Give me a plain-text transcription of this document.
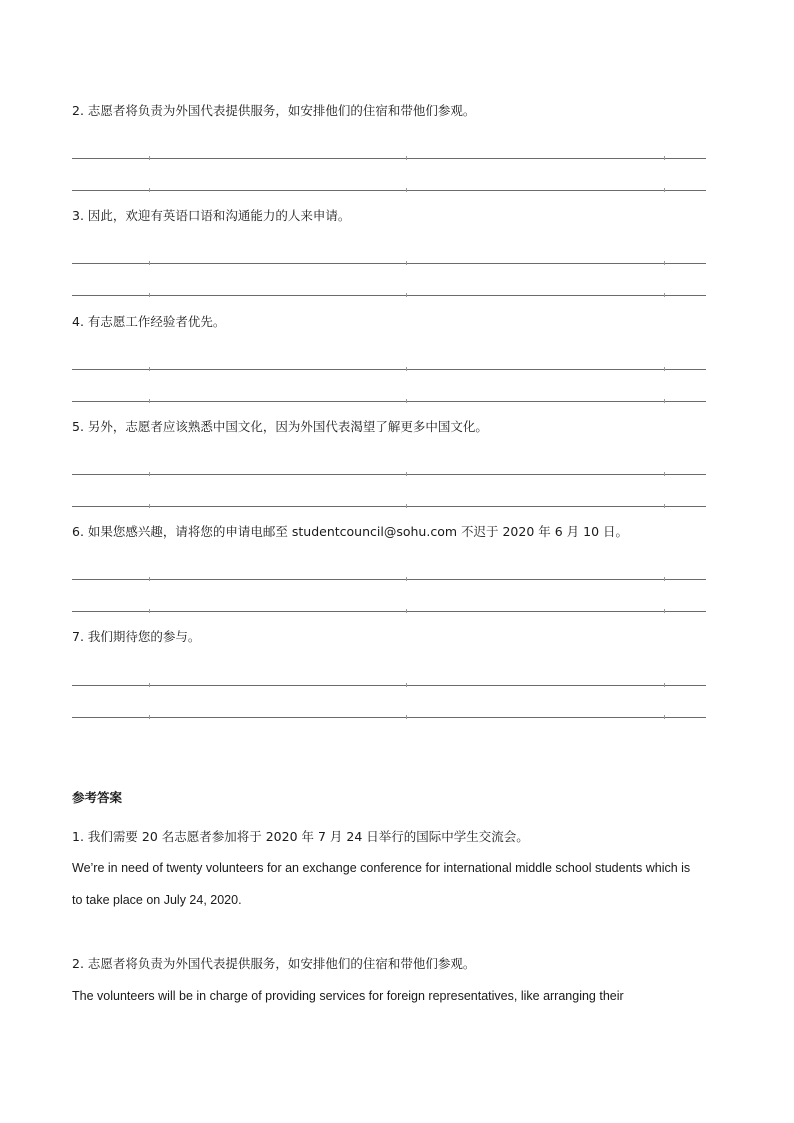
2. 志愿者将负责为外国代表提供服务，如安排他们的住宿和带他们参观。
3. 因此，欢迎有英语口语和沟通能力的人来申请。
4. 有志愿工作经验者优先。
5. 另外，志愿者应该熟悉中国文化，因为外国代表渴望了解更多中国文化。
6. 如果您感兴趣，请将您的申请电邮至 studentcouncil@sohu.com 不迟于 2020 年 6 月 10 日。
7. 我们期待您的参与。
参考答案
1. 我们需要 20 名志愿者参加将于 2020 年 7 月 24 日举行的国际中学生交流会。
We’re in need of twenty volunteers for an exchange conference for international middle school students which is
to take place on July 24, 2020.
2. 志愿者将负责为外国代表提供服务，如安排他们的住宿和带他们参观。
The volunteers will be in charge of providing services for foreign representatives, like arranging their
